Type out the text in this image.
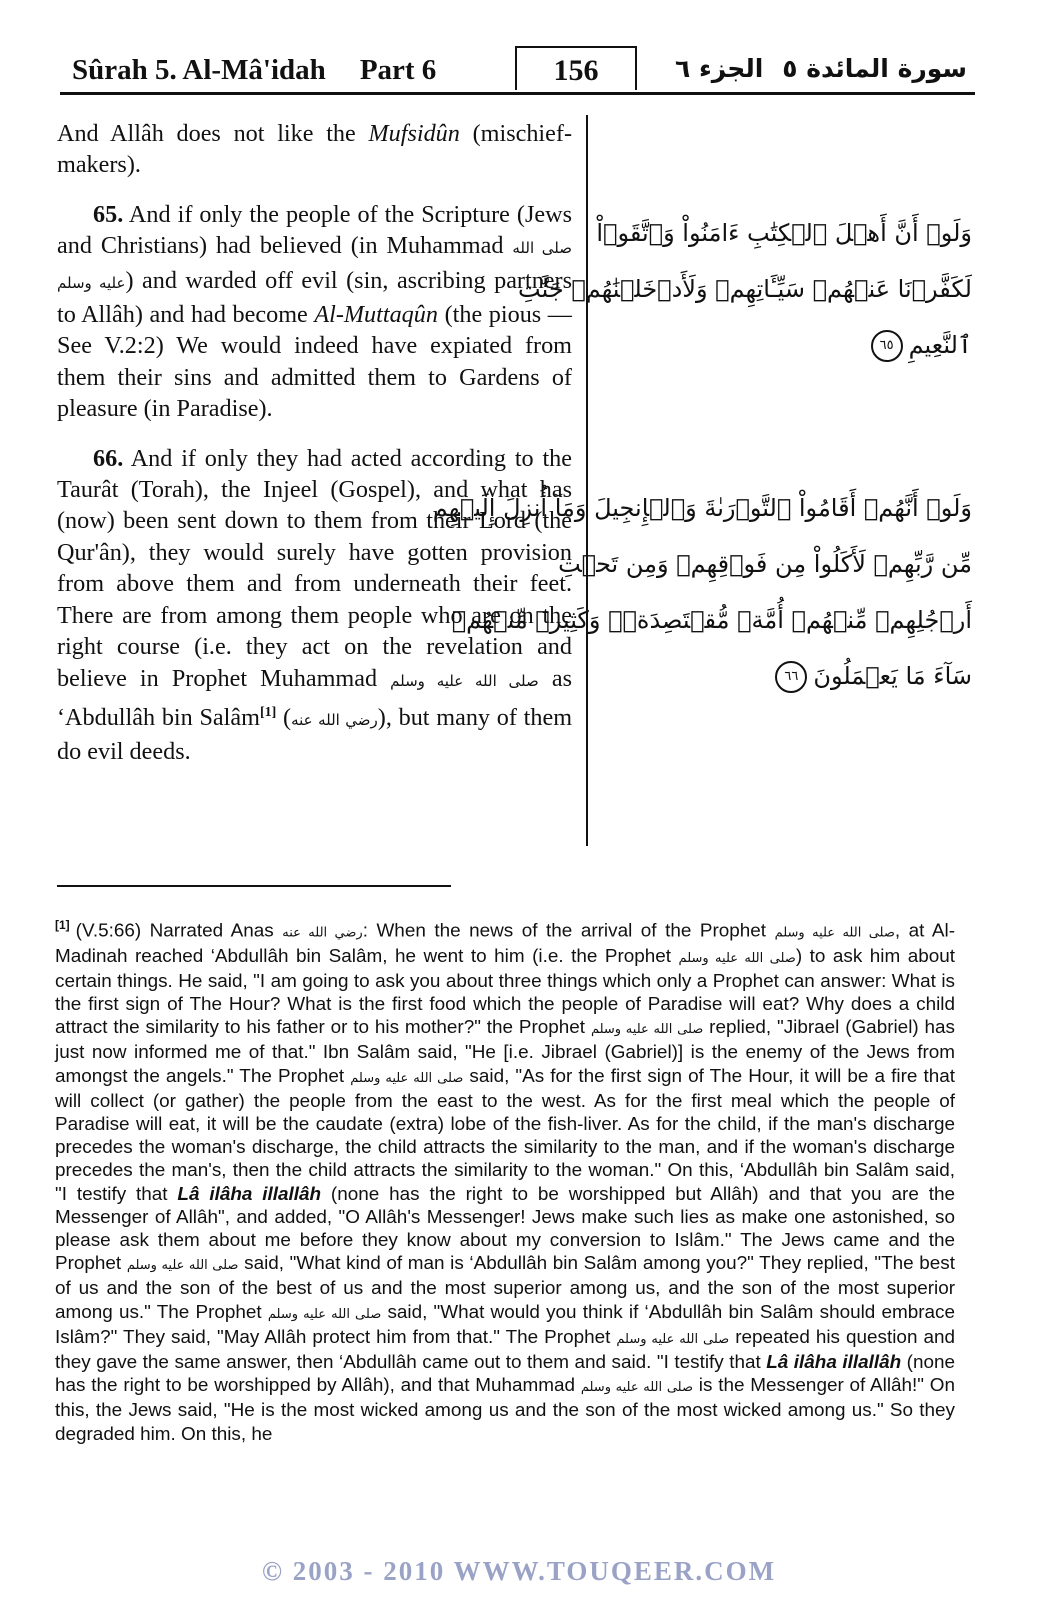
Sûrah 5. Al-Mâ'idah Part 6	156	الجزء ٦ سورة المائدة ٥

And Allâh does not like the Mufsidûn (mischief-makers).

65. And if only the people of the Scripture (Jews and Christians) had believed (in Muhammad صلى الله عليه وسلم) and warded off evil (sin, ascribing partners to Allâh) and had become Al-Muttaqûn (the pious — See V.2:2) We would indeed have expiated from them their sins and admitted them to Gardens of pleasure (in Paradise).

66. And if only they had acted according to the Taurât (Torah), the Injeel (Gospel), and what has (now) been sent down to them from their Lord (the Qur'ân), they would surely have gotten provision from above them and from underneath their feet. There are from among them people who are on the right course (i.e. they act on the revelation and believe in Prophet Muhammad صلى الله عليه وسلم as ‘Abdullâh bin Salâm[1] (رضي الله عنه), but many of them do evil deeds.

وَلَوۡ أَنَّ أَهۡلَ ٱلۡكِتَٰبِ ءَامَنُواْ وَٱتَّقَوۡاْ
لَكَفَّرۡنَا عَنۡهُمۡ سَيِّـَٔاتِهِمۡ وَلَأَدۡخَلۡنَٰهُمۡ جَنَّٰتِ
ٱلنَّعِيمِ٦٥
وَلَوۡ أَنَّهُمۡ أَقَامُواْ ٱلتَّوۡرَىٰةَ وَٱلۡإِنجِيلَ وَمَآ أُنزِلَ إِلَيۡهِم
مِّن رَّبِّهِمۡ لَأَكَلُواْ مِن فَوۡقِهِمۡ وَمِن تَحۡتِ
أَرۡجُلِهِمۚ مِّنۡهُمۡ أُمَّةٞ مُّقۡتَصِدَةٞۖ وَكَثِيرٞ مِّنۡهُمۡ
سَآءَ مَا يَعۡمَلُونَ٦٦
[1] (V.5:66) Narrated Anas رضي الله عنه: When the news of the arrival of the Prophet صلى الله عليه وسلم, at Al-Madinah reached ‘Abdullâh bin Salâm, he went to him (i.e. the Prophet صلى الله عليه وسلم) to ask him about certain things. He said, "I am going to ask you about three things which only a Prophet can answer: What is the first sign of The Hour? What is the first food which the people of Paradise will eat? Why does a child attract the similarity to his father or to his mother?" the Prophet صلى الله عليه وسلم replied, "Jibrael (Gabriel) has just now informed me of that." Ibn Salâm said, "He [i.e. Jibrael (Gabriel)] is the enemy of the Jews from amongst the angels." The Prophet صلى الله عليه وسلم said, "As for the first sign of The Hour, it will be a fire that will collect (or gather) the people from the east to the west. As for the first meal which the people of Paradise will eat, it will be the caudate (extra) lobe of the fish-liver. As for the child, if the man's discharge precedes the woman's discharge, the child attracts the similarity to the man, and if the woman's discharge precedes the man's, then the child attracts the similarity to the woman." On this, ‘Abdullâh bin Salâm said, "I testify that Lâ ilâha illallâh (none has the right to be worshipped but Allâh) and that you are the Messenger of Allâh", and added, "O Allâh's Messenger! Jews make such lies as make one astonished, so please ask them about me before they know about my conversion to Islâm." The Jews came and the Prophet صلى الله عليه وسلم said, "What kind of man is ‘Abdullâh bin Salâm among you?" They replied, "The best of us and the son of the best of us and the most superior among us, and the son of the most superior among us." The Prophet صلى الله عليه وسلم said, "What would you think if ‘Abdullâh bin Salâm should embrace Islâm?" They said, "May Allâh protect him from that." The Prophet صلى الله عليه وسلم repeated his question and they gave the same answer, then ‘Abdullâh came out to them and said. "I testify that Lâ ilâha illallâh (none has the right to be worshipped by Allâh), and that Muhammad صلى الله عليه وسلم is the Messenger of Allâh!" On this, the Jews said, "He is the most wicked among us and the son of the most wicked among us." So they degraded him. On this, he
© 2003 - 2010 WWW.TOUQEER.COM
